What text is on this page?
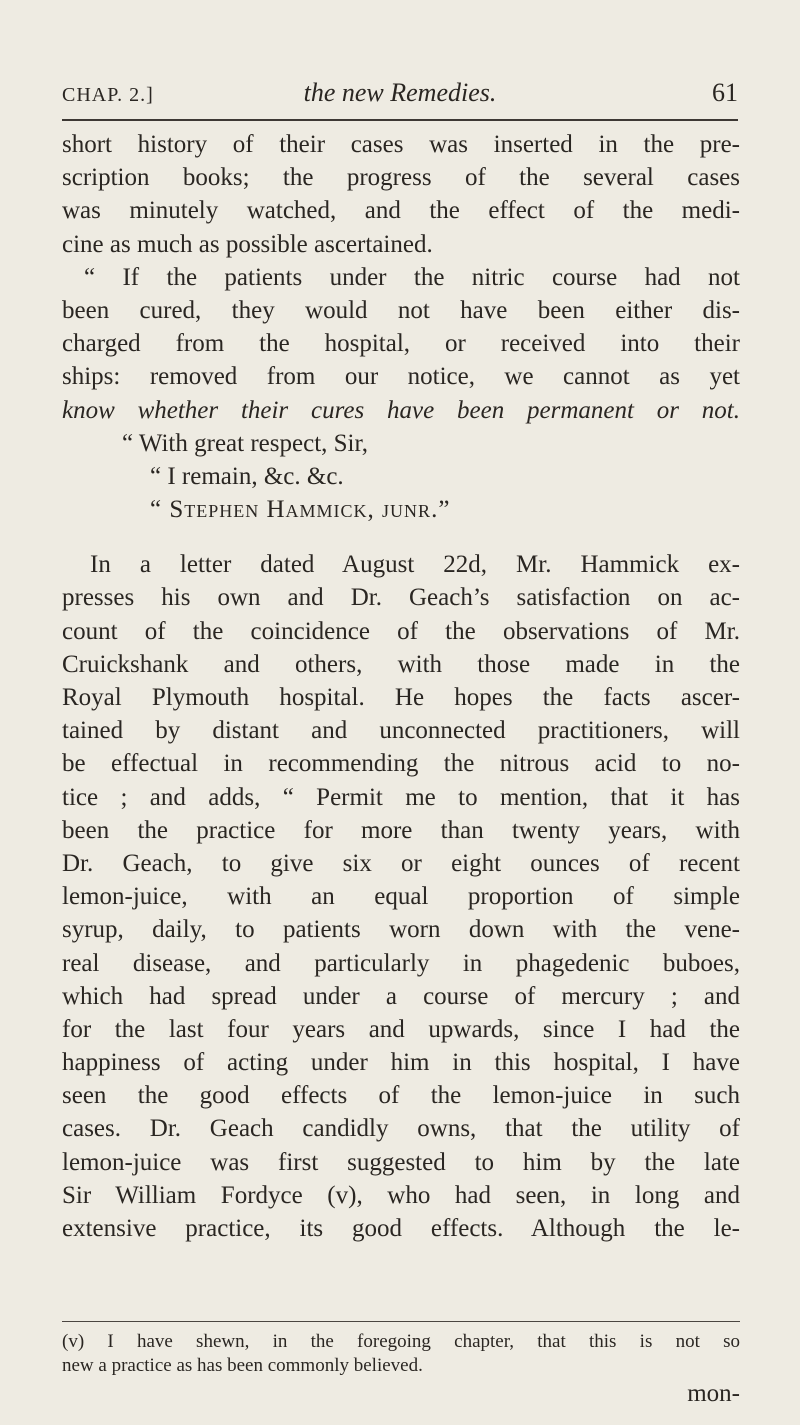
CHAP. 2.]	the new Remedies.	61
short history of their cases was inserted in the pre-
scription books; the progress of the several cases
was minutely watched, and the effect of the medi-
cine as much as possible ascertained.
“ If the patients under the nitric course had not
been cured, they would not have been either dis-
charged from the hospital, or received into their
ships: removed from our notice, we cannot as yet
know whether their cures have been permanent or not.
“ With great respect, Sir,
“ I remain, &c. &c.
“ Stephen Hammick, junr.”
In a letter dated August 22d, Mr. Hammick ex-
presses his own and Dr. Geach’s satisfaction on ac-
count of the coincidence of the observations of Mr.
Cruickshank and others, with those made in the
Royal Plymouth hospital. He hopes the facts ascer-
tained by distant and unconnected practitioners, will
be effectual in recommending the nitrous acid to no-
tice ; and adds, “ Permit me to mention, that it has
been the practice for more than twenty years, with
Dr. Geach, to give six or eight ounces of recent
lemon-juice, with an equal proportion of simple
syrup, daily, to patients worn down with the vene-
real disease, and particularly in phagedenic buboes,
which had spread under a course of mercury ; and
for the last four years and upwards, since I had the
happiness of acting under him in this hospital, I have
seen the good effects of the lemon-juice in such
cases. Dr. Geach candidly owns, that the utility of
lemon-juice was first suggested to him by the late
Sir William Fordyce (v), who had seen, in long and
extensive practice, its good effects. Although the le-
(v) I have shewn, in the foregoing chapter, that this is not so
new a practice as has been commonly believed.
mon-
